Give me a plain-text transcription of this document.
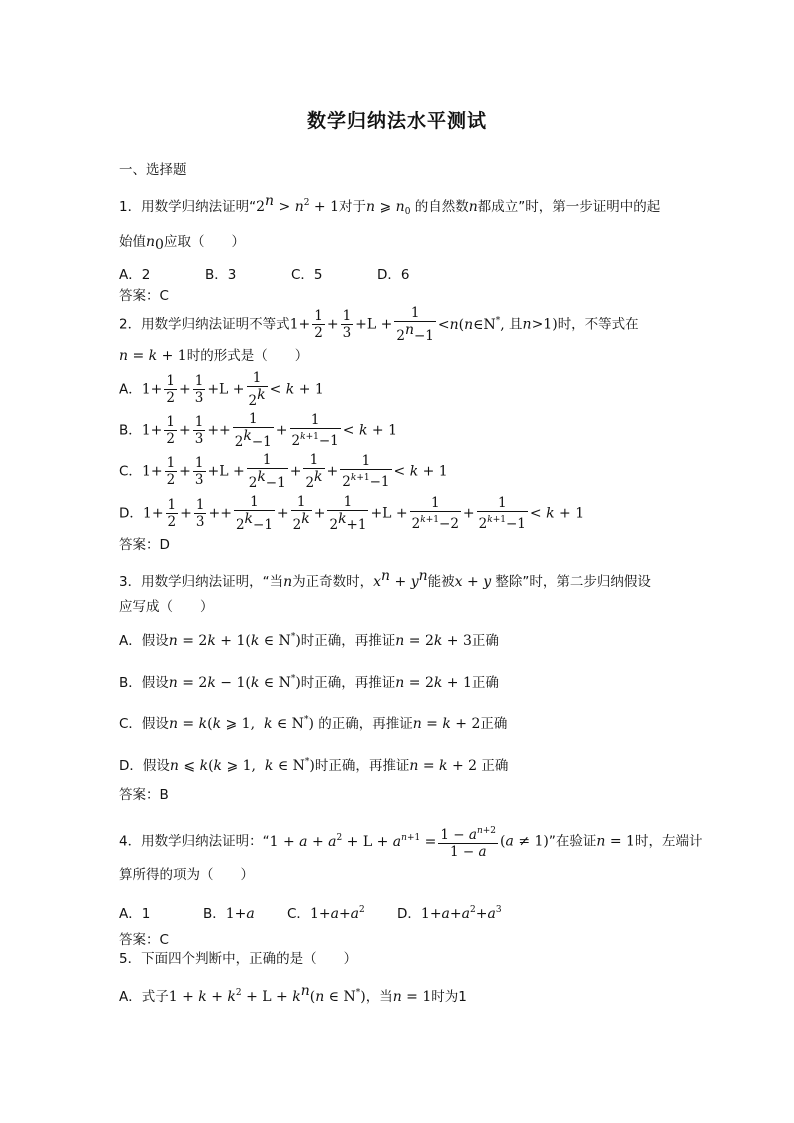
数学归纳法水平测试
一、选择题
1．用数学归纳法证明“$2^n > n^2 + 1$对于n ⩾ $n_0$ 的自然数n都成立”时，第一步证明中的起
始值$n_0$应取（　　）
A．2	B．3	C．5	D．6
答案：C
2．用数学归纳法证明不等式$1+ \frac{1}{2} + \frac{1}{3} +L + \frac{1}{2^n-1}$ <n(n∈N*, 且n>1)时，不等式在
n = k + 1时的形式是（　　）
A．$1+ \frac{1}{2} + \frac{1}{3} +L + \frac{1}{2^k} < k + 1$
B．$1+ \frac{1}{2} + \frac{1}{3} ++ \frac{1}{2^k-1} + \frac{1}{2^{k+1}-1} < k + 1$
C．$1+ \frac{1}{2} + \frac{1}{3} +L + \frac{1}{2^k-1} + \frac{1}{2^k} + \frac{1}{2^{k+1}-1} < k + 1$
D．$1+ \frac{1}{2} + \frac{1}{3} ++ \frac{1}{2^k-1} + \frac{1}{2^k} + \frac{1}{2^k+1} +L + \frac{1}{2^{k+1}-2} + \frac{1}{2^{k+1}-1} < k + 1$
答案：D
3．用数学归纳法证明，“当n为正奇数时，$x^n + y^n$能被x + y 整除”时，第二步归纳假设
应写成（　　）
A．假设n = 2k + 1(k ∈ N*)时正确，再推证n = 2k + 3正确
B．假设n = 2k − 1(k ∈ N*)时正确，再推证n = 2k + 1正确
C．假设n = k(k ⩾ 1,  k ∈ N*) 的正确，再推证n = k + 2正确
D．假设n ⩽ k(k ⩾ 1,  k ∈ N*)时正确，再推证n = k + 2 正确
答案：B
4．用数学归纳法证明：“$1 + a + a^2 + L + a^{n+1} = \frac{1 - a^{n+2}}{1 - a} (a \ne 1)$”在验证n = 1时，左端计
算所得的项为（　　）
A．1	B．1+a C．$1+a+a^2$ D．$1+a+a^2+a^3$
答案：C
5．下面四个判断中，正确的是（　　）
A．式子$1 + k + k^2 + L + k^n(n$ ∈ N*)，当n = 1时为1
